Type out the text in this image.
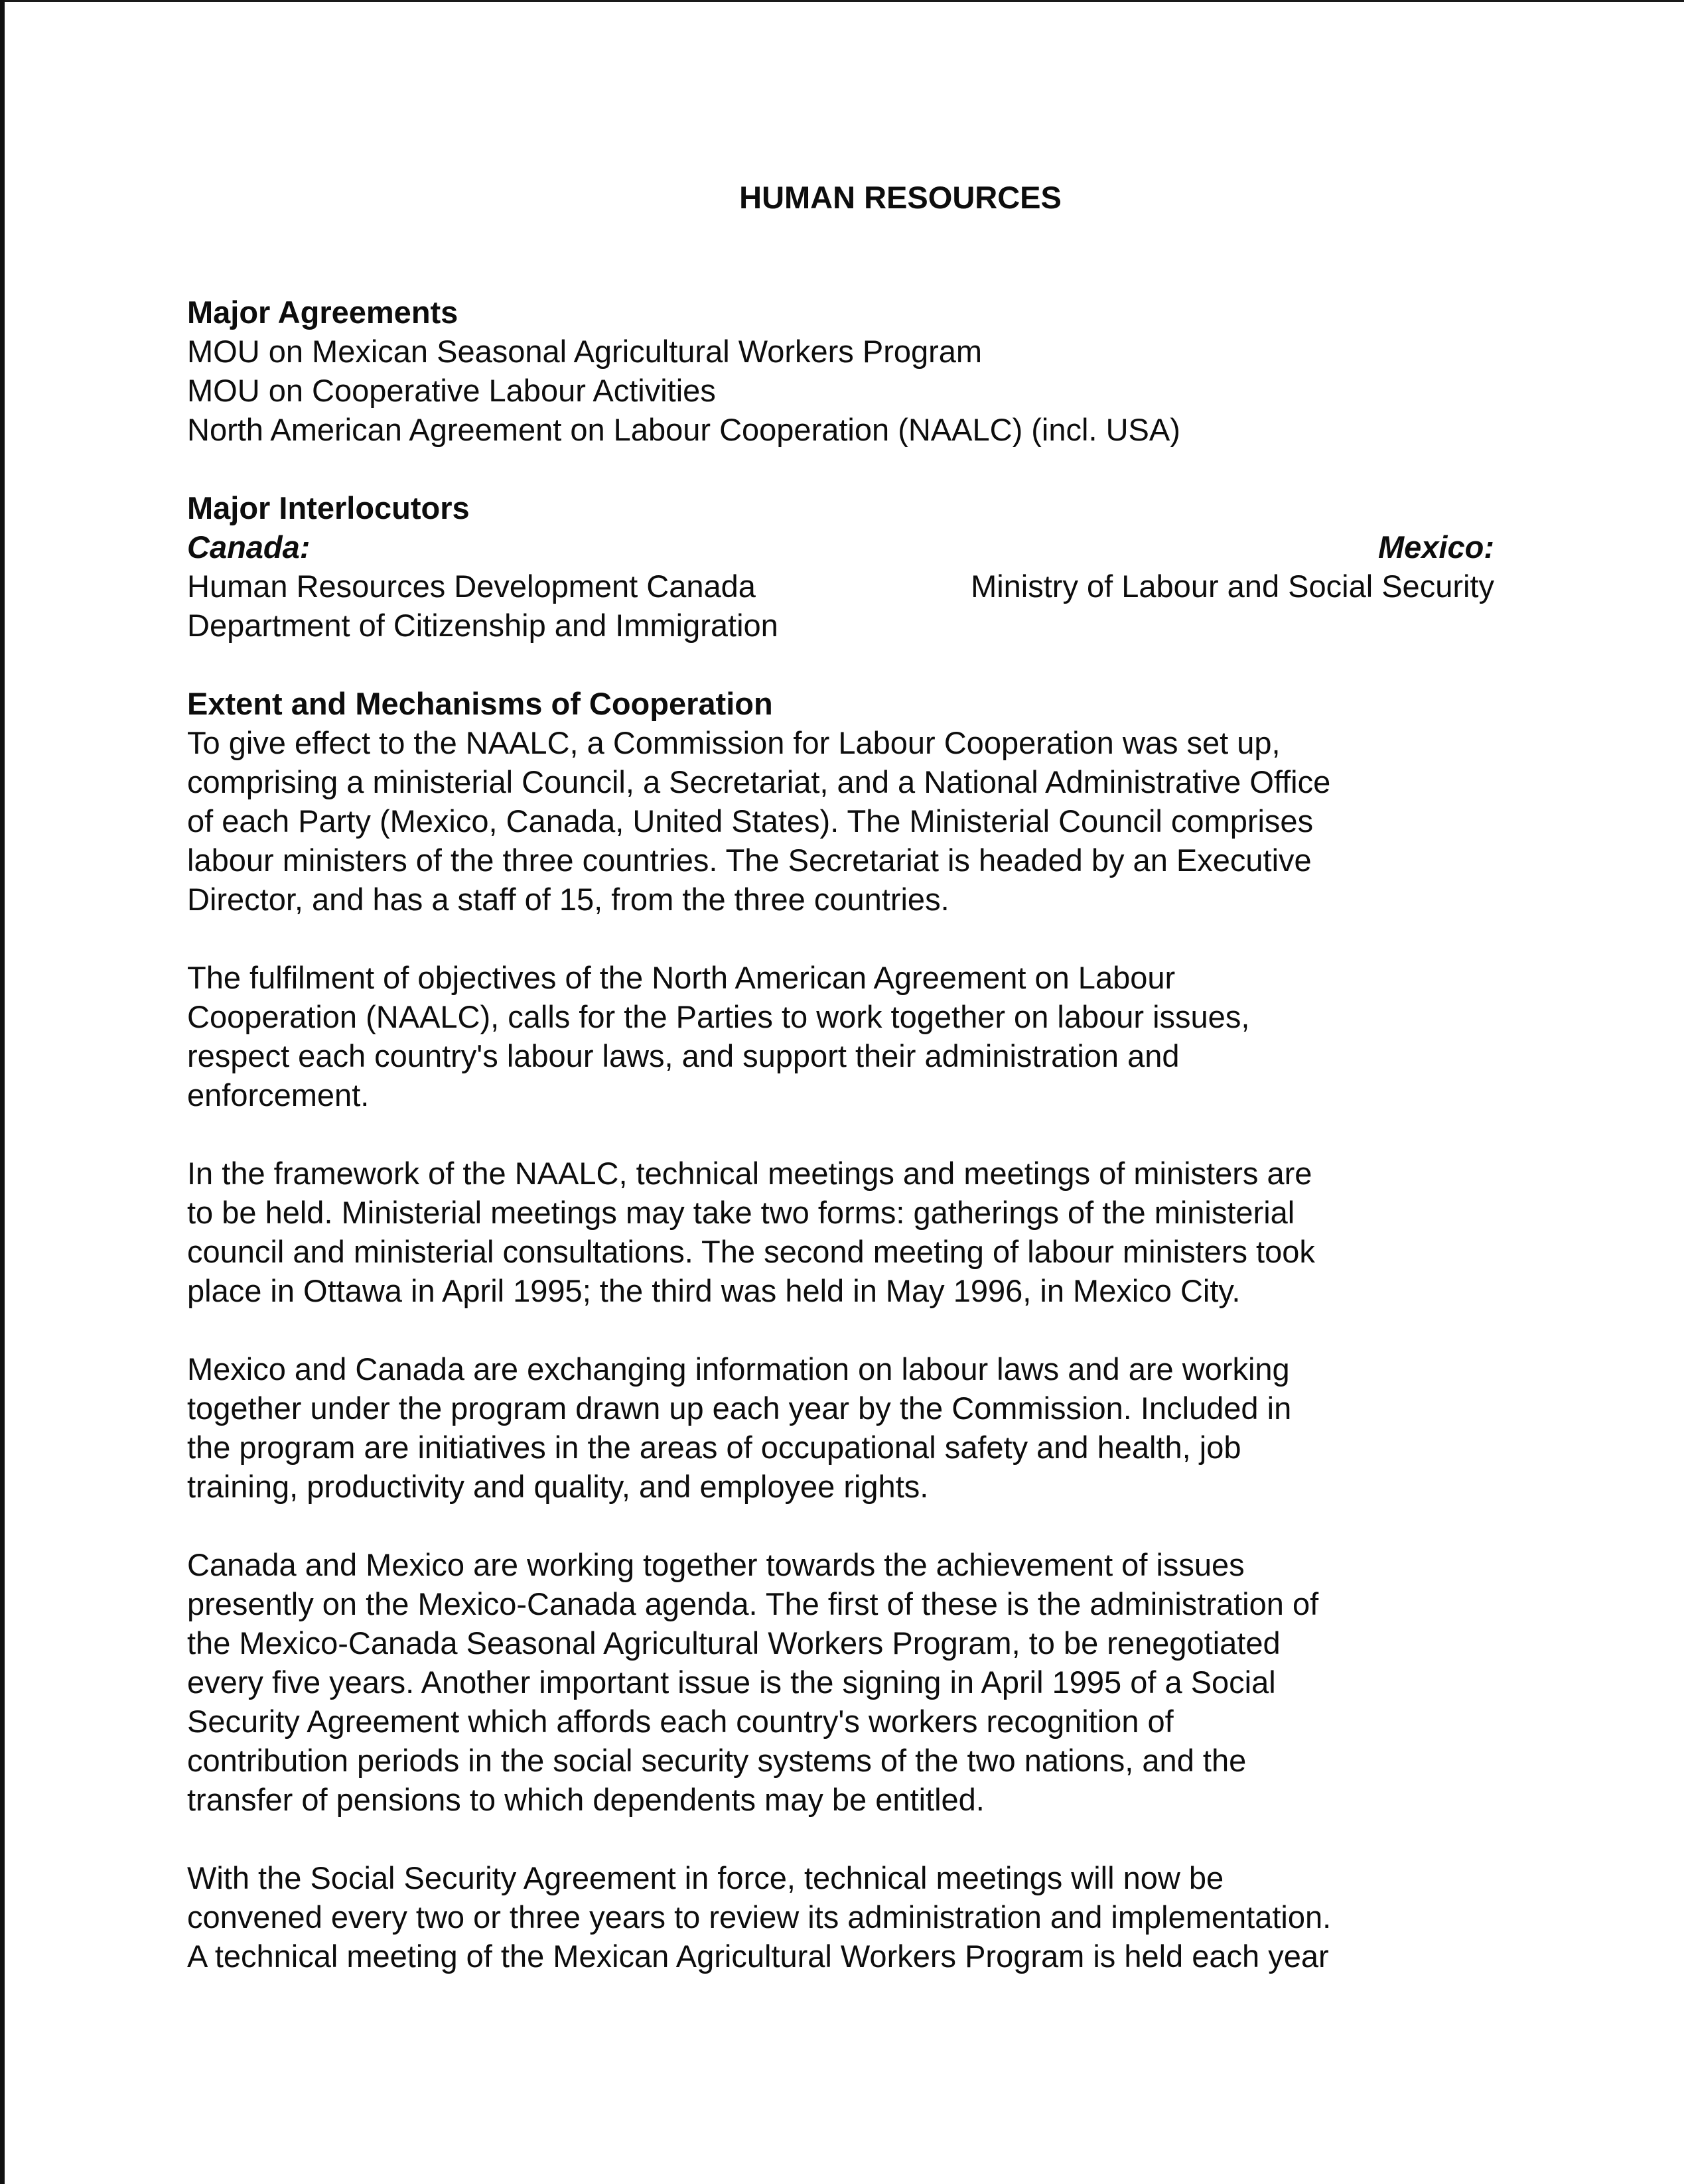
HUMAN RESOURCES

Major Agreements

MOU on Mexican Seasonal Agricultural Workers Program

MOU on Cooperative Labour Activities

North American Agreement on Labour Cooperation (NAALC) (incl. USA)

Major Interlocutors

Canada:

Human Resources Development Canada

Department of Citizenship and Immigration

Mexico:

Ministry of Labour and Social Security

Extent and Mechanisms of Cooperation

To give effect to the NAALC, a Commission for Labour Cooperation was set up,
comprising a ministerial Council, a Secretariat, and a National Administrative Office
of each Party (Mexico, Canada, United States). The Ministerial Council comprises
labour ministers of the three countries. The Secretariat is headed by an Executive
Director, and has a staff of 15, from the three countries.
The fulfilment of objectives of the North American Agreement on Labour
Cooperation (NAALC), calls for the Parties to work together on labour issues,
respect each country's labour laws, and support their administration and
enforcement.
In the framework of the NAALC, technical meetings and meetings of ministers are
to be held. Ministerial meetings may take two forms: gatherings of the ministerial
council and ministerial consultations. The second meeting of labour ministers took
place in Ottawa in April 1995; the third was held in May 1996, in Mexico City.
Mexico and Canada are exchanging information on labour laws and are working
together under the program drawn up each year by the Commission. Included in
the program are initiatives in the areas of occupational safety and health, job
training, productivity and quality, and employee rights.
Canada and Mexico are working together towards the achievement of issues
presently on the Mexico-Canada agenda. The first of these is the administration of
the Mexico-Canada Seasonal Agricultural Workers Program, to be renegotiated
every five years. Another important issue is the signing in April 1995 of a Social
Security Agreement which affords each country's workers recognition of
contribution periods in the social security systems of the two nations, and the
transfer of pensions to which dependents may be entitled.
With the Social Security Agreement in force, technical meetings will now be
convened every two or three years to review its administration and implementation.
A technical meeting of the Mexican Agricultural Workers Program is held each year
